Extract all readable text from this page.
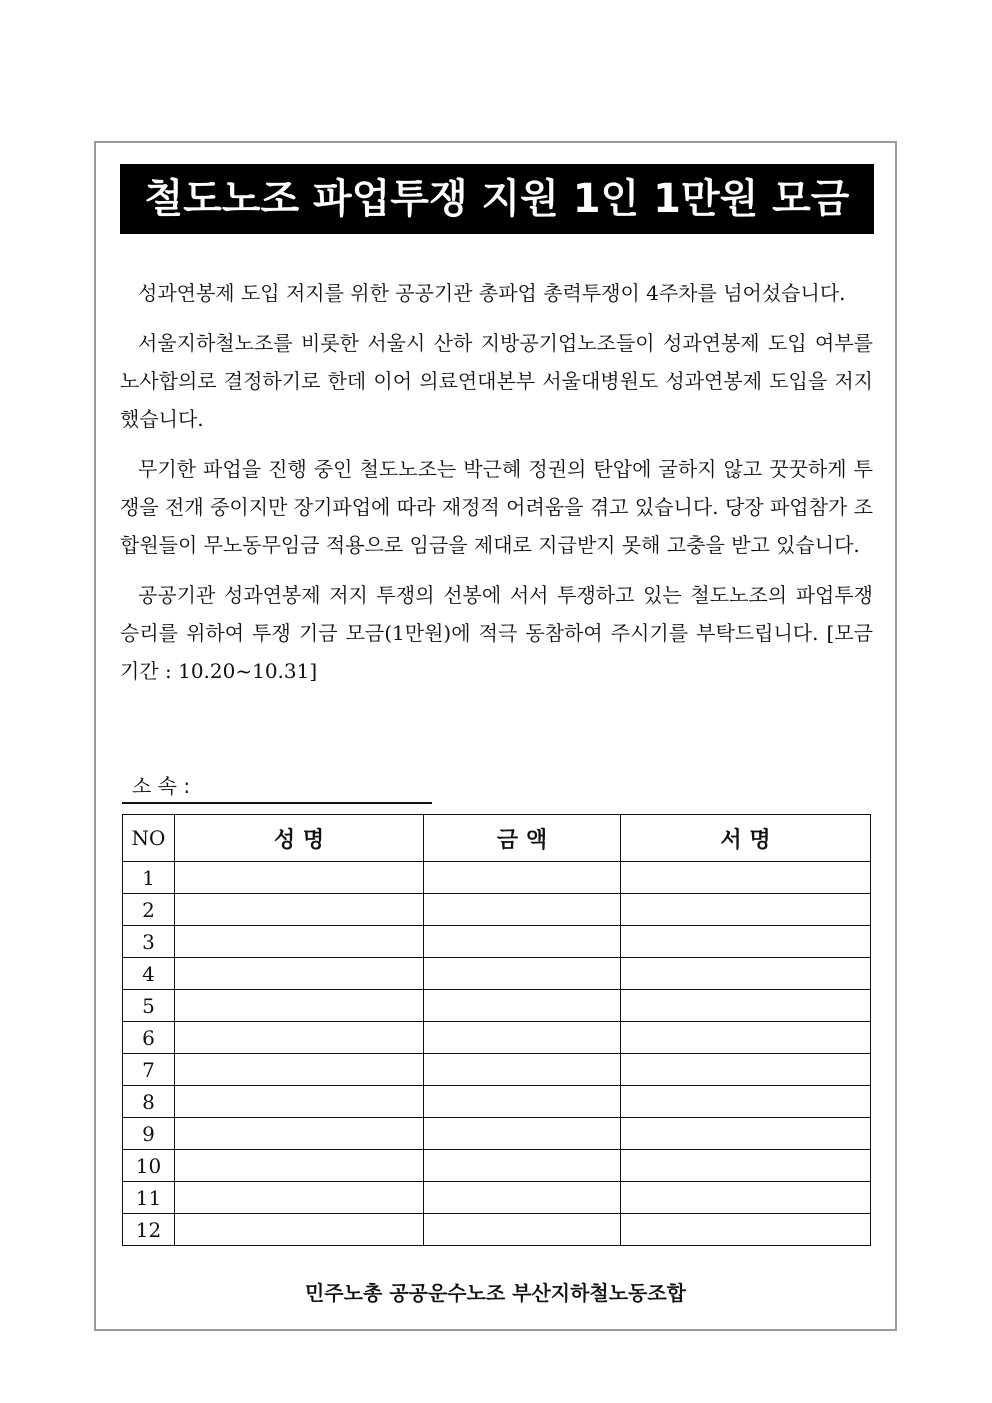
철도노조 파업투쟁 지원 1인 1만원 모금

성과연봉제 도입 저지를 위한 공공기관 총파업 총력투쟁이 4주차를 넘어섰습니다.

서울지하철노조를 비롯한 서울시 산하 지방공기업노조들이 성과연봉제 도입 여부를 노사합의로 결정하기로 한데 이어 의료연대본부 서울대병원도 성과연봉제 도입을 저지했습니다.

무기한 파업을 진행 중인 철도노조는 박근혜 정권의 탄압에 굴하지 않고 꿋꿋하게 투쟁을 전개 중이지만 장기파업에 따라 재정적 어려움을 겪고 있습니다. 당장 파업참가 조합원들이 무노동무임금 적용으로 임금을 제대로 지급받지 못해 고충을 받고 있습니다.

공공기관 성과연봉제 저지 투쟁의 선봉에 서서 투쟁하고 있는 철도노조의 파업투쟁 승리를 위하여 투쟁 기금 모금(1만원)에 적극 동참하여 주시기를 부탁드립니다. [모금기간 : 10.20~10.31]

소 속 :
NO	성 명	금 액	서 명
1			
2			
3			
4			
5			
6			
7			
8			
9			
10			
11			
12			
민주노총 공공운수노조 부산지하철노동조합
